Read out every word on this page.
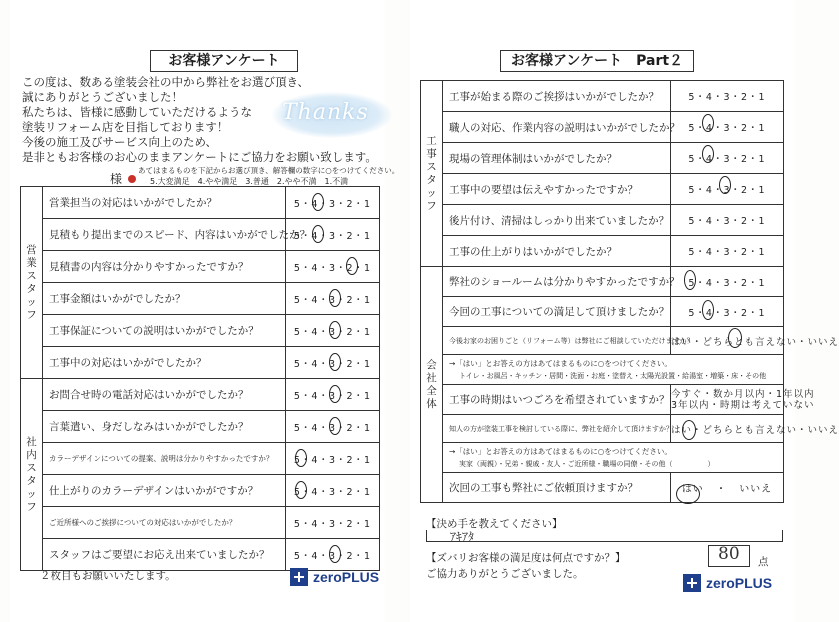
お客様アンケート
この度は、数ある塗装会社の中から弊社をお選び頂き、
誠にありがとうございました！
私たちは、皆様に感動していただけるような
塗装リフォーム店を目指しております！
今後の施工及びサービス向上のため、
是非ともお客様のお心のままアンケートにご協力をお願い致します。
Thanks
あてはまるものを下記からお選び頂き、解答欄の数字に○をつけてください。
様	5.大変満足　4.やや満足　3.普通　2.やや不満　1.不満
営業スタッフ	営業担当の対応はいかがでしたか？	5・4・3・2・1
	見積もり提出までのスピード、内容はいかがでしたか？	5・4・3・2・1
	見積書の内容は分かりやすかったですか？	5・4・3・2・1
	工事金額はいかがでしたか？	5・4・3・2・1
	工事保証についての説明はいかがでしたか？	5・4・3・2・1
	工事中の対応はいかがでしたか？	5・4・3・2・1
社内スタッフ	お問合せ時の電話対応はいかがでしたか？	5・4・3・2・1
	言葉遣い、身だしなみはいかがでしたか？	5・4・3・2・1
	カラーデザインについての提案、説明は分かりやすかったですか？	5・4・3・2・1
	仕上がりのカラーデザインはいかがですか？	5・4・3・2・1
	ご近所様へのご挨拶についての対応はいかがでしたか？	5・4・3・2・1
	スタッフはご要望にお応え出来ていましたか？	5・4・3・2・1
２枚目もお願いいたします。	zeroPLUS
お客様アンケート　Part２
工事スタッフ	工事が始まる際のご挨拶はいかがでしたか？	5・4・3・2・1
	職人の対応、作業内容の説明はいかがでしたか？	5・4・3・2・1
	現場の管理体制はいかがでしたか？	5・4・3・2・1
	工事中の要望は伝えやすかったですか？	5・4・3・2・1
	後片付け、清掃はしっかり出来ていましたか？	5・4・3・2・1
	工事の仕上がりはいかがでしたか？	5・4・3・2・1
会社全体	弊社のショールームは分かりやすかったですか？	5・4・3・2・1
	今回の工事についての満足して頂けましたか？	5・4・3・2・1
	今後お家のお困りごと（リフォーム等）は弊社にご相談していただけますか？	はい・どちらとも言えない・いいえ

	→「はい」とお答えの方はあてはまるものに○をつけてください。
トイレ・お風呂・キッチン・居間・洗面・お庭・塗替え・太陽光設置・給湯室・増築・床・その他	

	工事の時期はいつごろを希望されていますか？	今すぐ・数か月以内・1年以内
3年以内・時期は考えていない

	知人の方が塗装工事を検討している際に、弊社を紹介して頂けますか？	はい・どちらとも言えない・いいえ

	→「はい」とお答えの方はあてはまるものに○をつけてください。
実家（両親）・兄弟・親戚・友人・ご近所様・職場の同僚・その他（　　　　　）	

	次回の工事も弊社にご依頼頂けますか？	はい ・ いいえ
【決め手を教えてください】
ｱｷｱﾀ
【ズバリお客様の満足度は何点ですか？】	80 点
ご協力ありがとうございました。
zeroPLUS
